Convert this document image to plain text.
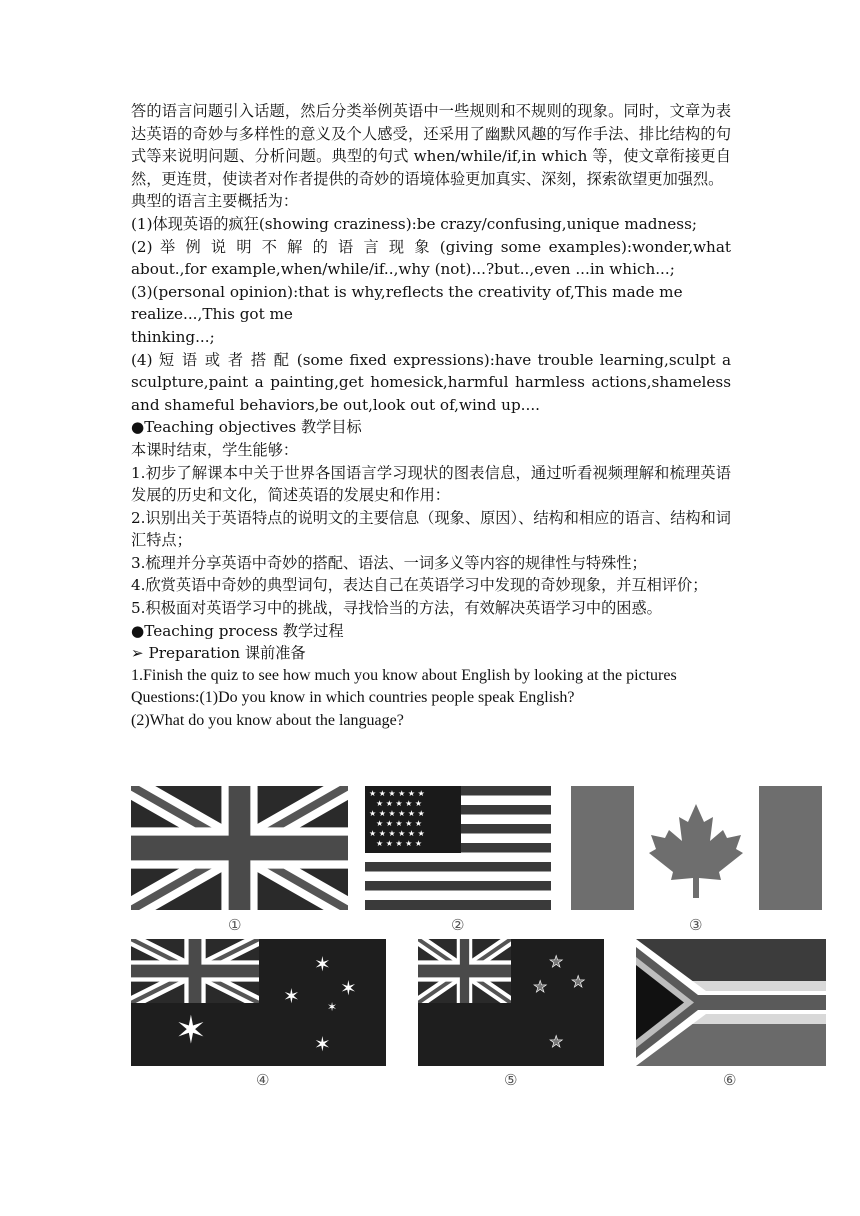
答的语言问题引入话题，然后分类举例英语中一些规则和不规则的现象。同时，文章为表达英语的奇妙与多样性的意义及个人感受，还采用了幽默风趣的写作手法、排比结构的句式等来说明问题、分析问题。典型的句式 when/while/if,in which 等，使文章衔接更自然，更连贯，使读者对作者提供的奇妙的语境体验更加真实、深刻，探索欲望更加强烈。

典型的语言主要概括为：

(1)体现英语的疯狂(showing craziness):be crazy/confusing,unique madness;

(2) 举 例 说 明 不 解 的 语 言 现 象 (giving some examples):wonder,what about.,for example,when/while/if..,why (not)...?but..,even ...in which...;

(3)(personal opinion):that is why,reflects the creativity of,This made me realize...,This got me

thinking...;

(4) 短 语 或 者 搭 配 (some fixed expressions):have trouble learning,sculpt a sculpture,paint a painting,get homesick,harmful harmless actions,shameless and shameful behaviors,be out,look out of,wind up....

●Teaching objectives 教学目标

本课时结束，学生能够：

1.初步了解课本中关于世界各国语言学习现状的图表信息，通过听看视频理解和梳理英语发展的历史和文化，简述英语的发展史和作用：

2.识别出关于英语特点的说明文的主要信息（现象、原因）、结构和相应的语言、结构和词汇特点；

3.梳理并分享英语中奇妙的搭配、语法、一词多义等内容的规律性与特殊性；

4.欣赏英语中奇妙的典型词句，表达自己在英语学习中发现的奇妙现象，并互相评价；

5.积极面对英语学习中的挑战，寻找恰当的方法，有效解决英语学习中的困惑。

●Teaching process 教学过程

➢ Preparation 课前准备

1.Finish the quiz to see how much you know about English by looking at the pictures

Questions:(1)Do you know in which countries people speak English?

(2)What do you know about the language?

①
★ ★ ★ ★ ★ ★
★ ★ ★ ★ ★
★ ★ ★ ★ ★ ★
★ ★ ★ ★ ★
★ ★ ★ ★ ★ ★
★ ★ ★ ★ ★
②	③
✶
✶
✶ ✶
✶
✶
④
★
★ ★
★
⑤	⑥
